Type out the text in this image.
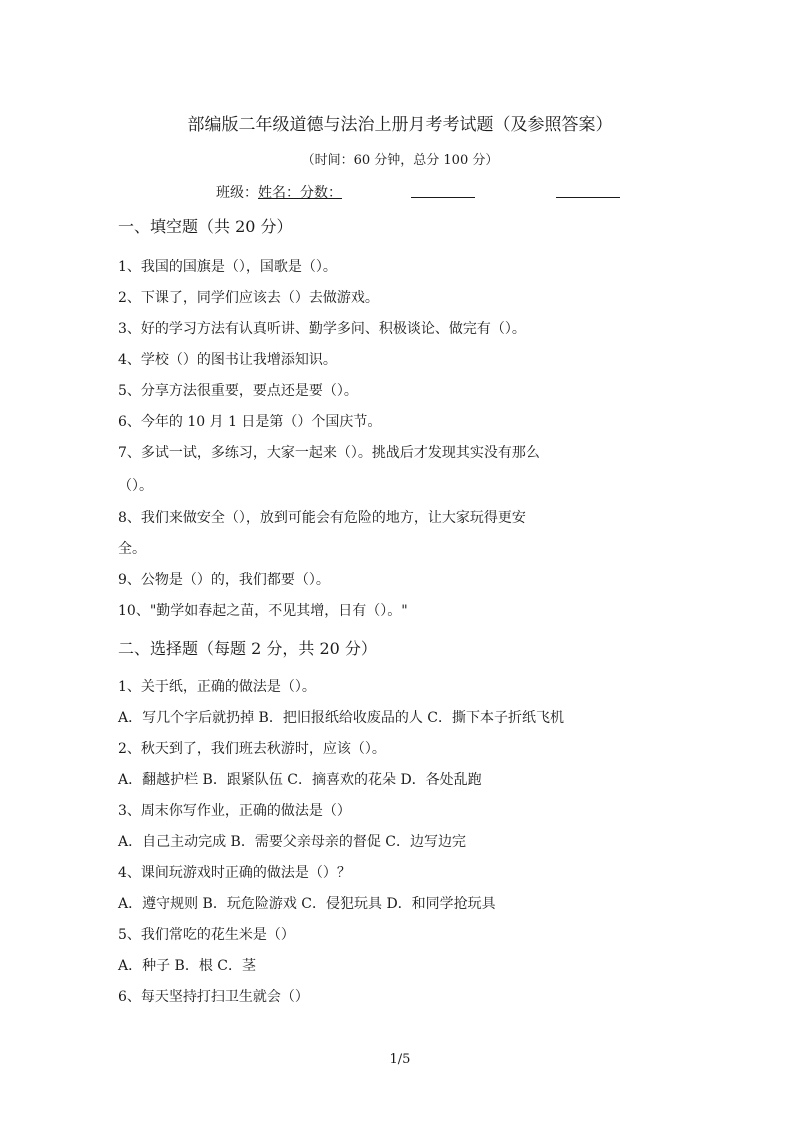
部编版二年级道德与法治上册月考考试题（及参照答案）
（时间：60 分钟，总分 100 分）
班级：姓名：分数：
一、填空题（共 20 分）
1、我国的国旗是（），国歌是（）。
2、下课了，同学们应该去（）去做游戏。
3、好的学习方法有认真听讲、勤学多问、积极谈论、做完有（）。
4、学校（）的图书让我增添知识。
5、分享方法很重要，要点还是要（）。
6、今年的 10 月 1 日是第（）个国庆节。
7、多试一试，多练习，大家一起来（）。挑战后才发现其实没有那么
（）。
8、我们来做安全（），放到可能会有危险的地方，让大家玩得更安
全。
9、公物是（）的，我们都要（）。
10、"勤学如春起之苗，不见其增，日有（）。"
二、选择题（每题 2 分，共 20 分）
1、关于纸，正确的做法是（）。
A．写几个字后就扔掉 B．把旧报纸给收废品的人 C．撕下本子折纸飞机
2、秋天到了，我们班去秋游时，应该（）。
A．翻越护栏 B．跟紧队伍 C．摘喜欢的花朵 D．各处乱跑
3、周末你写作业，正确的做法是（）
A．自己主动完成 B．需要父亲母亲的督促 C．边写边完
4、课间玩游戏时正确的做法是（）？
A．遵守规则 B．玩危险游戏 C．侵犯玩具 D．和同学抢玩具
5、我们常吃的花生米是（）
A．种子 B．根 C．茎
6、每天坚持打扫卫生就会（）
1/5
